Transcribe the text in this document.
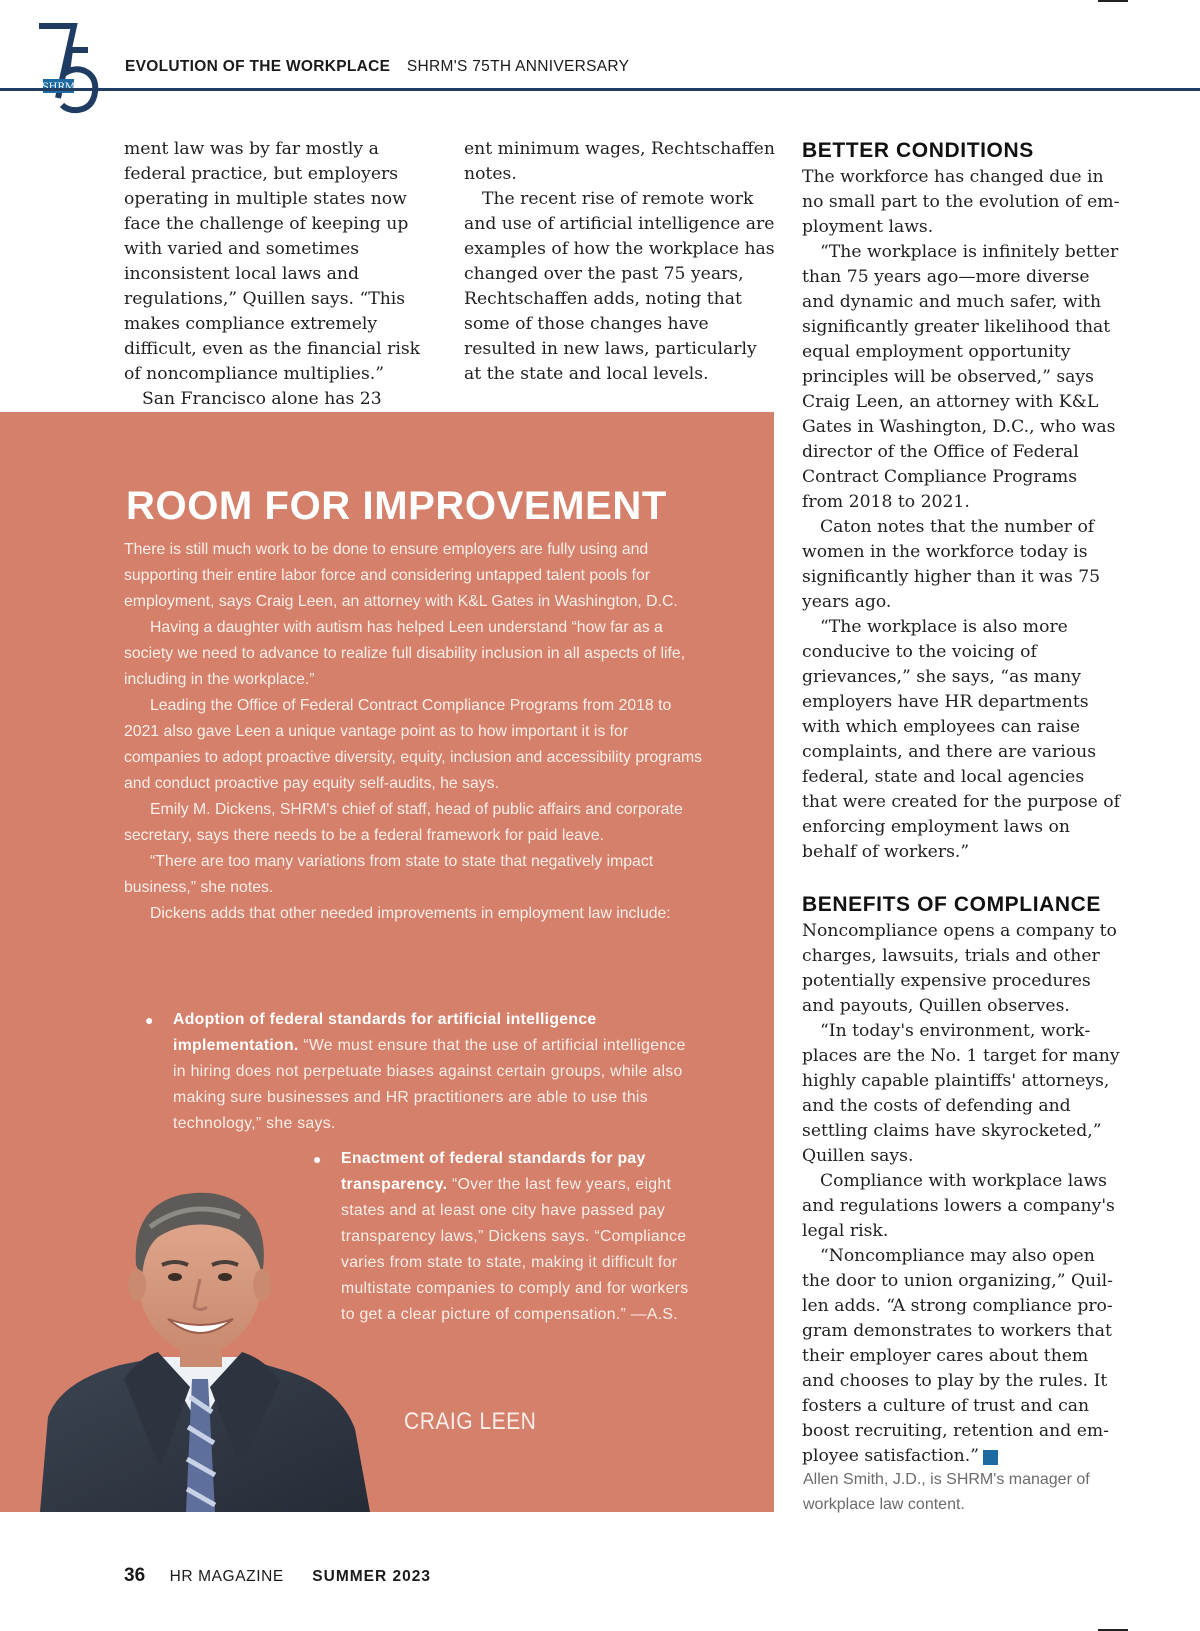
EVOLUTION OF THE WORKPLACE SHRM'S 75TH ANNIVERSARY

ment law was by far mostly a federal practice, but employers operating in multiple states now face the challenge of keeping up with varied and sometimes inconsistent local laws and regulations,” Quillen says. “This makes compliance extremely difficult, even as the financial risk of noncompliance multiplies.”

San Francisco alone has 23

ent minimum wages, Rechtschaffen notes.

The recent rise of remote work and use of artificial intelligence are examples of how the workplace has changed over the past 75 years, Rechtschaffen adds, noting that some of those changes have resulted in new laws, particularly at the state and local levels.

BETTER CONDITIONS

The workforce has changed due in no small part to the evolution of employment laws.

“The workplace is infinitely better than 75 years ago—more diverse and dynamic and much safer, with significantly greater likelihood that equal employment opportunity principles will be observed,” says Craig Leen, an attorney with K&L Gates in Washington, D.C., who was director of the Office of Federal Contract Compliance Programs from 2018 to 2021.

Caton notes that the number of women in the workforce today is significantly higher than it was 75 years ago.

“The workplace is also more conducive to the voicing of grievances,” she says, “as many employers have HR departments with which employees can raise complaints, and there are various federal, state and local agencies that were created for the purpose of enforcing employment laws on behalf of workers.”

BENEFITS OF COMPLIANCE

Noncompliance opens a company to charges, lawsuits, trials and other potentially expensive procedures and payouts, Quillen observes.

“In today's environment, workplaces are the No. 1 target for many highly capable plaintiffs' attorneys, and the costs of defending and settling claims have skyrocketed,” Quillen says.

Compliance with workplace laws and regulations lowers a company's legal risk.

“Noncompliance may also open the door to union organizing,” Quillen adds. “A strong compliance program demonstrates to workers that their employer cares about them and chooses to play by the rules. It fosters a culture of trust and can boost recruiting, retention and employee satisfaction.” HR

Allen Smith, J.D., is SHRM's manager of workplace law content.
ROOM FOR IMPROVEMENT

There is still much work to be done to ensure employers are fully using and supporting their entire labor force and considering untapped talent pools for employment, says Craig Leen, an attorney with K&L Gates in Washington, D.C.

Having a daughter with autism has helped Leen understand “how far as a society we need to advance to realize full disability inclusion in all aspects of life, including in the workplace.”

Leading the Office of Federal Contract Compliance Programs from 2018 to 2021 also gave Leen a unique vantage point as to how important it is for companies to adopt proactive diversity, equity, inclusion and accessibility programs and conduct proactive pay equity self-audits, he says.

Emily M. Dickens, SHRM's chief of staff, head of public affairs and corporate secretary, says there needs to be a federal framework for paid leave.

“There are too many variations from state to state that negatively impact business,” she notes.

Dickens adds that other needed improvements in employment law include:

● Adoption of federal standards for artificial intelligence implementation. “We must ensure that the use of artificial intelligence in hiring does not perpetuate biases against certain groups, while also making sure businesses and HR practitioners are able to use this technology,” she says.
● Enactment of federal standards for pay transparency. “Over the last few years, eight states and at least one city have passed pay transparency laws,” Dickens says. “Compliance varies from state to state, making it difficult for multistate companies to comply and for workers to get a clear picture of compensation.” —A.S.
CRAIG LEEN
36 HR MAGAZINE SUMMER 2023
